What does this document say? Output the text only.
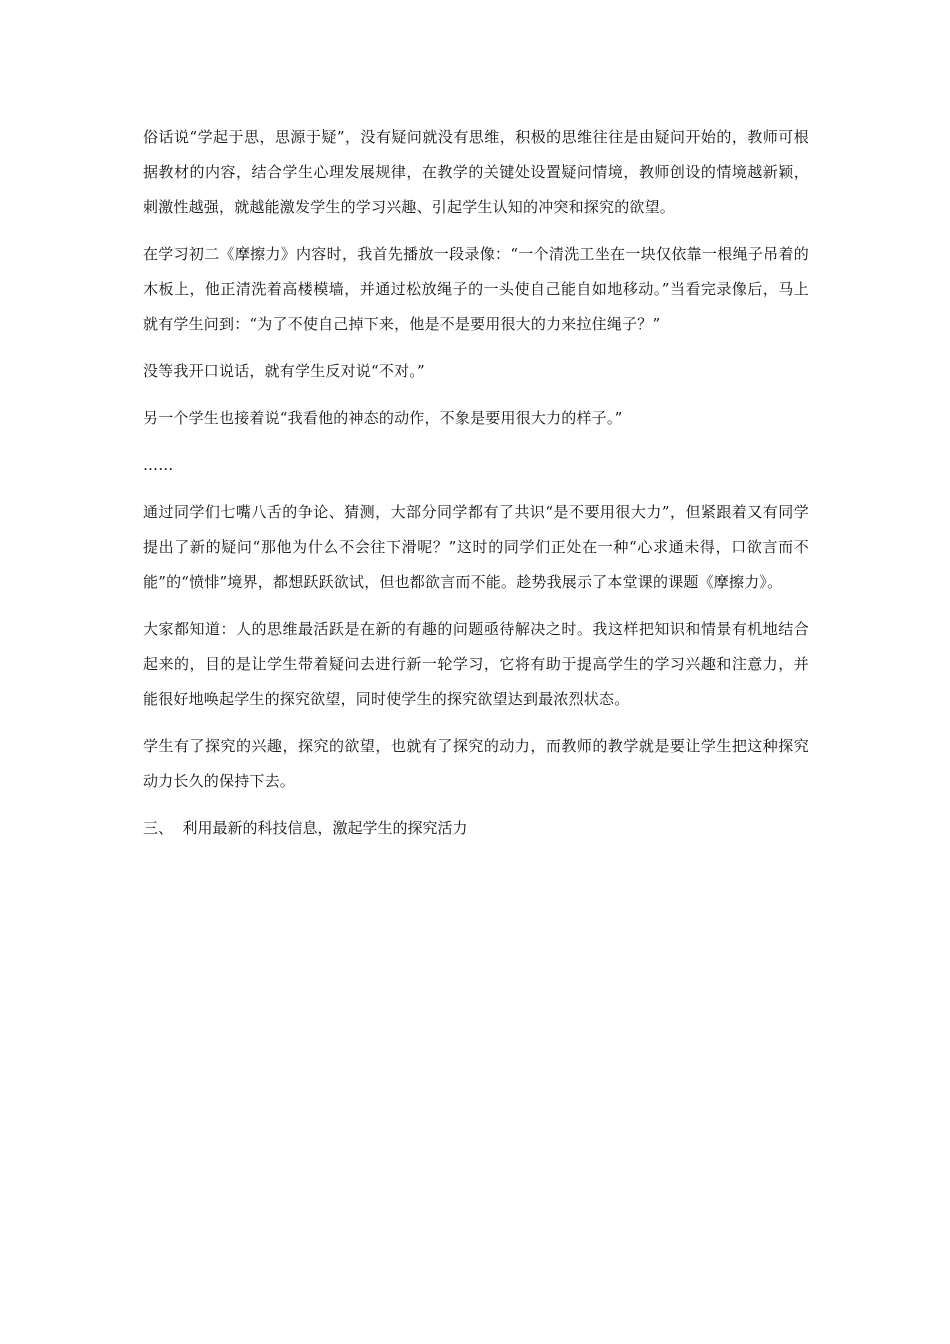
俗话说“学起于思，思源于疑”，没有疑问就没有思维，积极的思维往往是由疑问开始的，教师可根据教材的内容，结合学生心理发展规律，在教学的关键处设置疑问情境，教师创设的情境越新颖，刺激性越强，就越能激发学生的学习兴趣、引起学生认知的冲突和探究的欲望。

在学习初二《摩擦力》内容时，我首先播放一段录像：“一个清洗工坐在一块仅依靠一根绳子吊着的木板上，他正清洗着高楼模墙，并通过松放绳子的一头使自己能自如地移动。”当看完录像后，马上就有学生问到：“为了不使自己掉下来，他是不是要用很大的力来拉住绳子？”

没等我开口说话，就有学生反对说“不对。”

另一个学生也接着说“我看他的神态的动作，不象是要用很大力的样子。”

……

通过同学们七嘴八舌的争论、猜测，大部分同学都有了共识“是不要用很大力”，但紧跟着又有同学提出了新的疑问“那他为什么不会往下滑呢？”这时的同学们正处在一种“心求通未得，口欲言而不能”的“愤悱”境界，都想跃跃欲试，但也都欲言而不能。趁势我展示了本堂课的课题《摩擦力》。

大家都知道：人的思维最活跃是在新的有趣的问题亟待解决之时。我这样把知识和情景有机地结合起来的，目的是让学生带着疑问去进行新一轮学习，它将有助于提高学生的学习兴趣和注意力，并能很好地唤起学生的探究欲望，同时使学生的探究欲望达到最浓烈状态。

学生有了探究的兴趣，探究的欲望，也就有了探究的动力，而教师的教学就是要让学生把这种探究动力长久的保持下去。

三、  利用最新的科技信息，激起学生的探究活力
